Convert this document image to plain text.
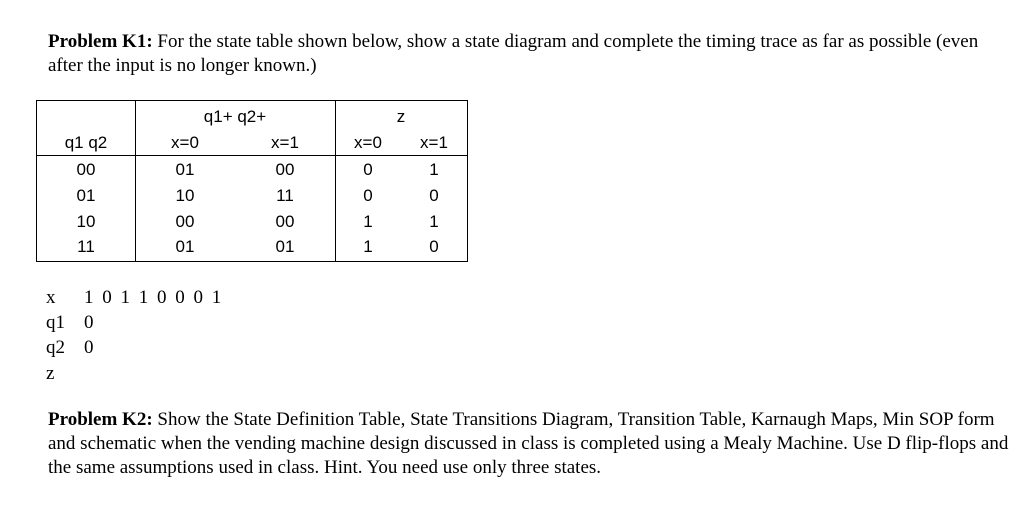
Problem K1: For the state table shown below, show a state diagram and complete the timing trace as far as possible (even after the input is no longer known.)
q1+ q2+	z
q1 q2	x=0	x=1	x=0	x=1
00	01	00	0	1
01	10	11	0	0
10	00	00	1	1
11	01	01	1	0
x 1 0 1 1 0 0 0 1
q1 0
q2 0
z
Problem K2: Show the State Definition Table, State Transitions Diagram, Transition Table, Karnaugh Maps, Min SOP form and schematic when the vending machine design discussed in class is completed using a Mealy Machine. Use D flip-flops and the same assumptions used in class. Hint. You need use only three states.
